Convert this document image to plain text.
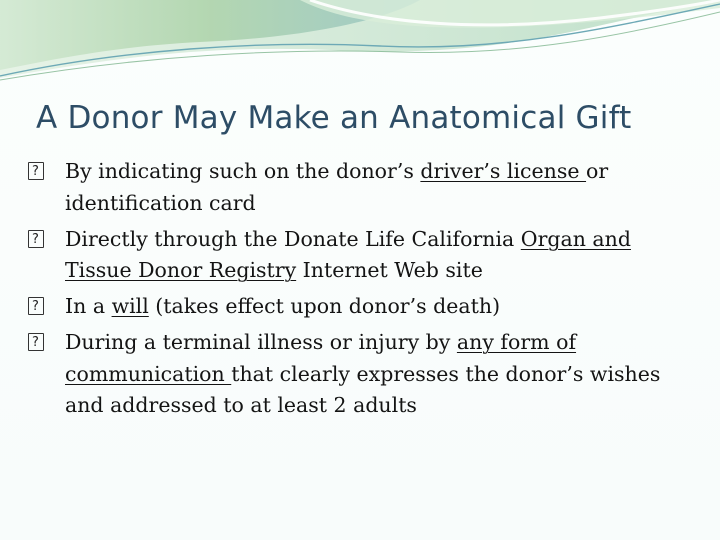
A Donor May Make an Anatomical Gift
?
By indicating such on the donor’s driver’s license or identification card
?
Directly through the Donate Life California Organ and Tissue Donor Registry Internet Web site
?
In a will (takes effect upon donor’s death)
?
During a terminal illness or injury by any form of communication that clearly expresses the donor’s wishes and addressed to at least 2 adults
